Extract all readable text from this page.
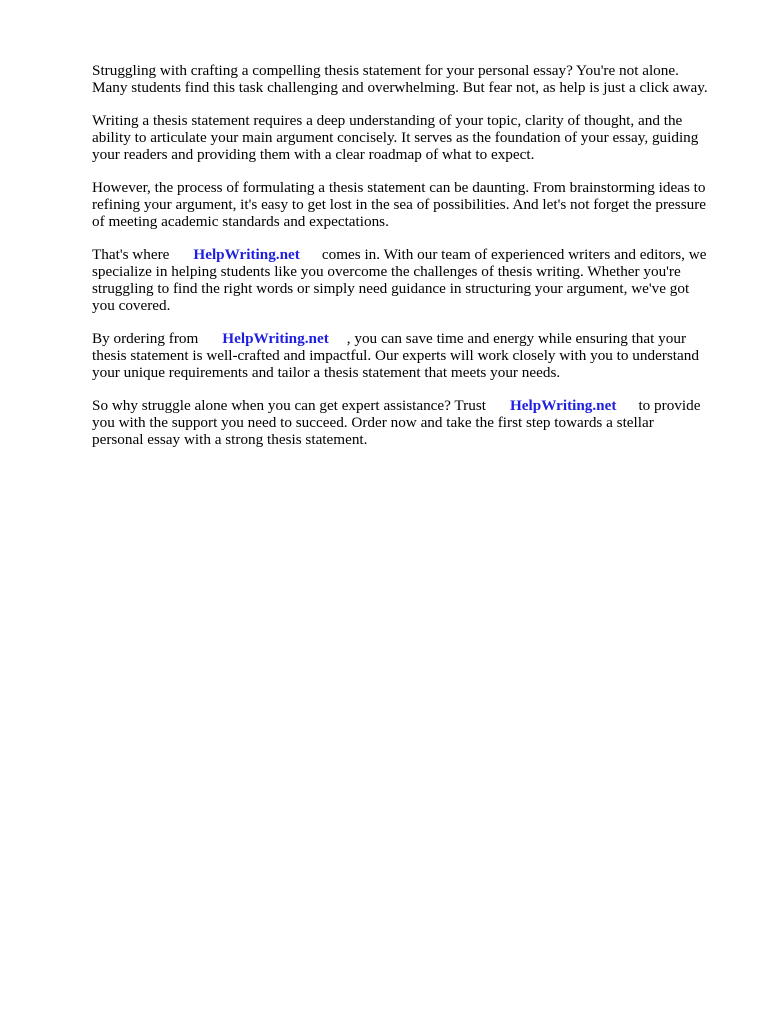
Struggling with crafting a compelling thesis statement for your personal essay? You're not alone.
Many students find this task challenging and overwhelming. But fear not, as help is just a click away.
Writing a thesis statement requires a deep understanding of your topic, clarity of thought, and the
ability to articulate your main argument concisely. It serves as the foundation of your essay, guiding
your readers and providing them with a clear roadmap of what to expect.
However, the process of formulating a thesis statement can be daunting. From brainstorming ideas to
refining your argument, it's easy to get lost in the sea of possibilities. And let's not forget the pressure
of meeting academic standards and expectations.
That's where HelpWriting.net comes in. With our team of experienced writers and editors, we
specialize in helping students like you overcome the challenges of thesis writing. Whether you're
struggling to find the right words or simply need guidance in structuring your argument, we've got
you covered.
By ordering from HelpWriting.net , you can save time and energy while ensuring that your
thesis statement is well-crafted and impactful. Our experts will work closely with you to understand
your unique requirements and tailor a thesis statement that meets your needs.
So why struggle alone when you can get expert assistance? Trust HelpWriting.net to provide
you with the support you need to succeed. Order now and take the first step towards a stellar
personal essay with a strong thesis statement.
